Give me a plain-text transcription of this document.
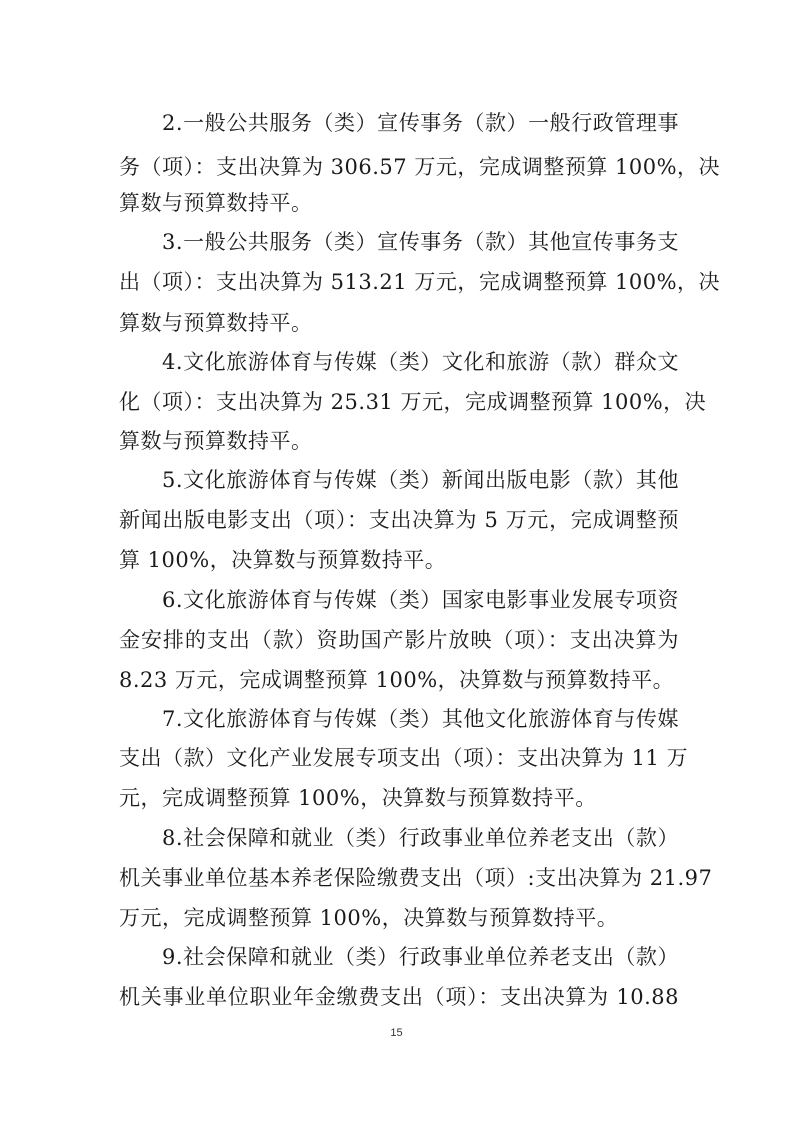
2.一般公共服务（类）宣传事务（款）一般行政管理事
务（项）：支出决算为 306.57 万元，完成调整预算 100%，决
算数与预算数持平。
3.一般公共服务（类）宣传事务（款）其他宣传事务支
出（项）：支出决算为 513.21 万元，完成调整预算 100%，决
算数与预算数持平。
4.文化旅游体育与传媒（类）文化和旅游（款）群众文
化（项）：支出决算为 25.31 万元，完成调整预算 100%，决
算数与预算数持平。
5.文化旅游体育与传媒（类）新闻出版电影（款）其他
新闻出版电影支出（项）：支出决算为 5 万元，完成调整预
算 100%，决算数与预算数持平。
6.文化旅游体育与传媒（类）国家电影事业发展专项资
金安排的支出（款）资助国产影片放映（项）：支出决算为
8.23 万元，完成调整预算 100%，决算数与预算数持平。
7.文化旅游体育与传媒（类）其他文化旅游体育与传媒
支出（款）文化产业发展专项支出（项）：支出决算为 11 万
元，完成调整预算 100%，决算数与预算数持平。
8.社会保障和就业（类）行政事业单位养老支出（款）
机关事业单位基本养老保险缴费支出（项）:支出决算为 21.97
万元，完成调整预算 100%，决算数与预算数持平。
9.社会保障和就业（类）行政事业单位养老支出（款）
机关事业单位职业年金缴费支出（项）：支出决算为 10.88
15
